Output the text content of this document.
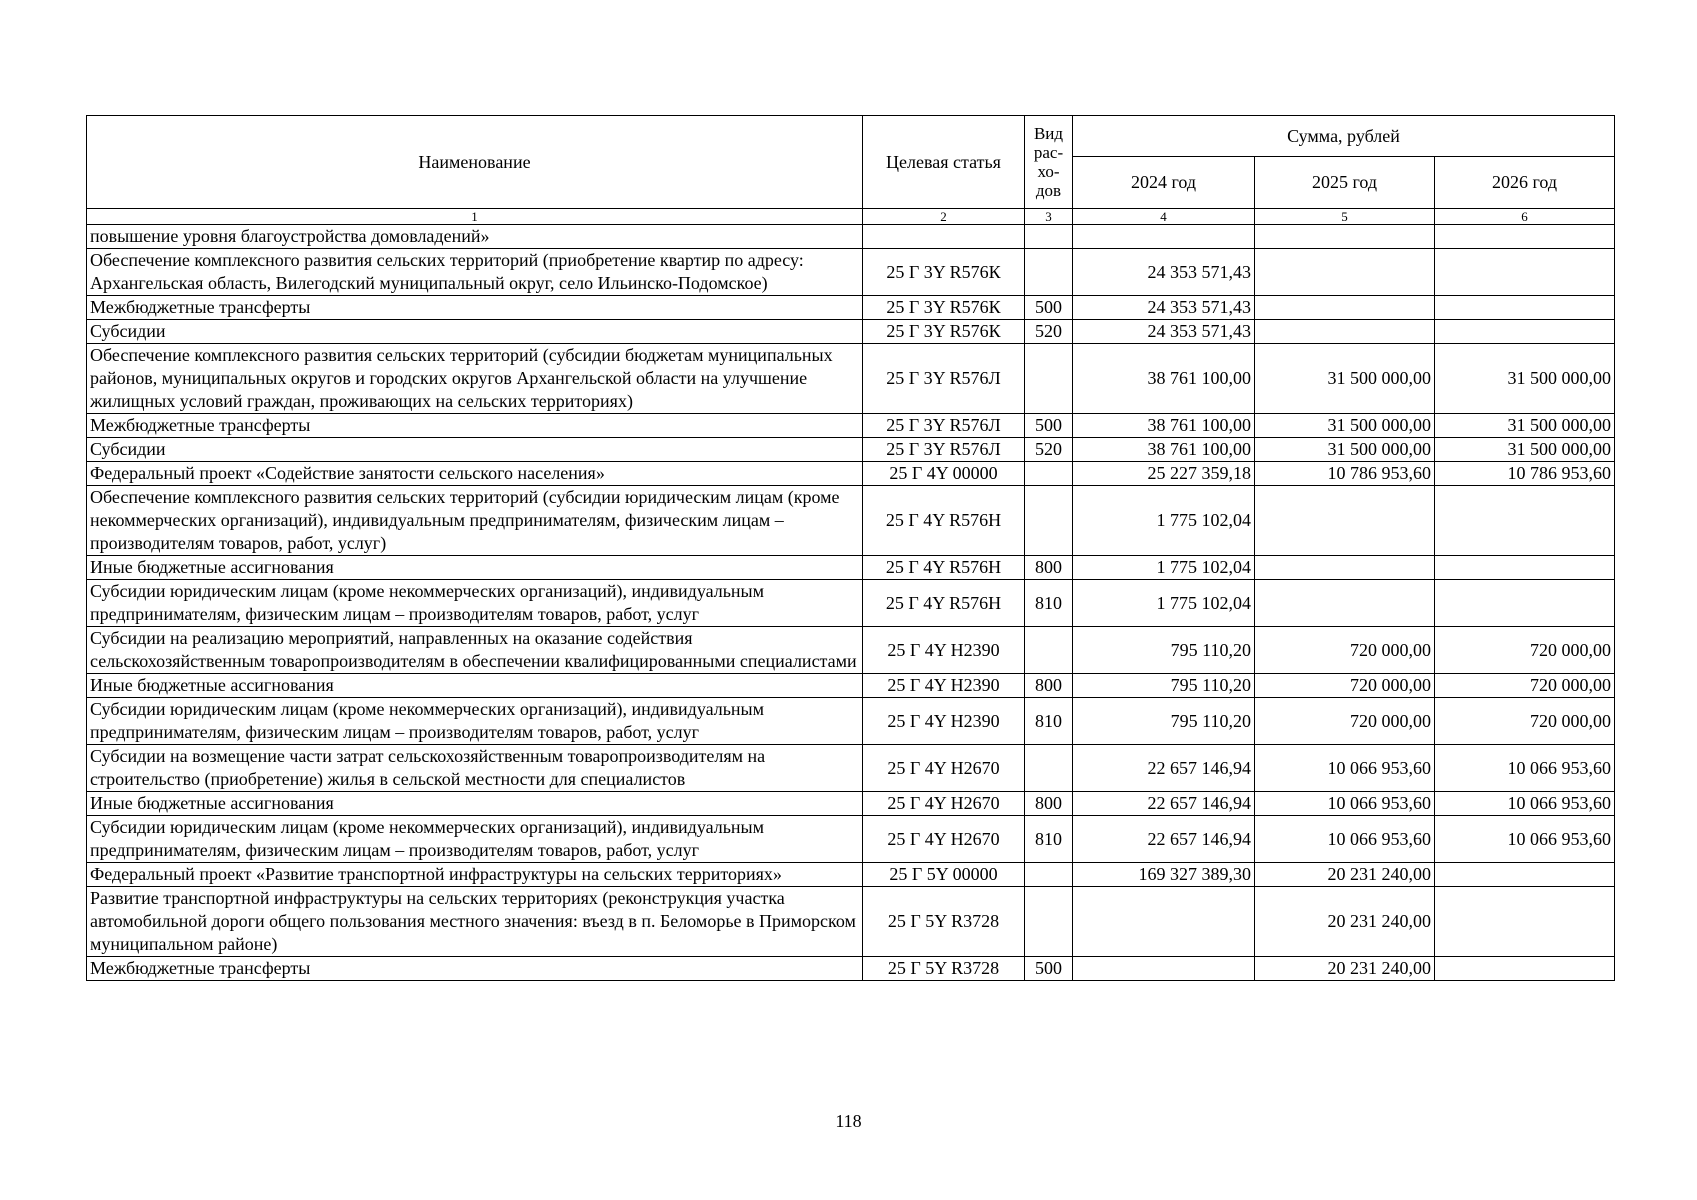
Наименование	Целевая статья	Вид рас-хо-дов	Сумма, рублей		
			2024 год	2025 год	2026 год
1	2	3	4	5	6
повышение уровня благоустройства домовладений»					
Обеспечение комплексного развития сельских территорий (приобретение квартир по адресу: Архангельская область, Вилегодский муниципальный округ, село Ильинско-Подомское)	25 Г 3Y R576К		24 353 571,43		
Межбюджетные трансферты	25 Г 3Y R576К	500	24 353 571,43		
Субсидии	25 Г 3Y R576К	520	24 353 571,43		
Обеспечение комплексного развития сельских территорий (субсидии бюджетам муниципальных районов, муниципальных округов и городских округов Архангельской области на улучшение жилищных условий граждан, проживающих на сельских территориях)	25 Г 3Y R576Л		38 761 100,00	31 500 000,00	31 500 000,00
Межбюджетные трансферты	25 Г 3Y R576Л	500	38 761 100,00	31 500 000,00	31 500 000,00
Субсидии	25 Г 3Y R576Л	520	38 761 100,00	31 500 000,00	31 500 000,00
Федеральный проект «Содействие занятости сельского населения»	25 Г 4Y 00000		25 227 359,18	10 786 953,60	10 786 953,60
Обеспечение комплексного развития сельских территорий (субсидии юридическим лицам (кроме некоммерческих организаций), индивидуальным предпринимателям, физическим лицам – производителям товаров, работ, услуг)	25 Г 4Y R576Н		1 775 102,04		
Иные бюджетные ассигнования	25 Г 4Y R576Н	800	1 775 102,04		
Субсидии юридическим лицам (кроме некоммерческих организаций), индивидуальным предпринимателям, физическим лицам – производителям товаров, работ, услуг	25 Г 4Y R576Н	810	1 775 102,04		
Субсидии на реализацию мероприятий, направленных на оказание содействия сельскохозяйственным товаропроизводителям в обеспечении квалифицированными специалистами	25 Г 4Y Н2390		795 110,20	720 000,00	720 000,00
Иные бюджетные ассигнования	25 Г 4Y Н2390	800	795 110,20	720 000,00	720 000,00
Субсидии юридическим лицам (кроме некоммерческих организаций), индивидуальным предпринимателям, физическим лицам – производителям товаров, работ, услуг	25 Г 4Y Н2390	810	795 110,20	720 000,00	720 000,00
Субсидии на возмещение части затрат сельскохозяйственным товаропроизводителям на строительство (приобретение) жилья в сельской местности для специалистов	25 Г 4Y Н2670		22 657 146,94	10 066 953,60	10 066 953,60
Иные бюджетные ассигнования	25 Г 4Y Н2670	800	22 657 146,94	10 066 953,60	10 066 953,60
Субсидии юридическим лицам (кроме некоммерческих организаций), индивидуальным предпринимателям, физическим лицам – производителям товаров, работ, услуг	25 Г 4Y Н2670	810	22 657 146,94	10 066 953,60	10 066 953,60
Федеральный проект «Развитие транспортной инфраструктуры на сельских территориях»	25 Г 5Y 00000		169 327 389,30	20 231 240,00	
Развитие транспортной инфраструктуры на сельских территориях (реконструкция участка автомобильной дороги общего пользования местного значения: въезд в п. Беломорье в Приморском муниципальном районе)	25 Г 5Y R3728			20 231 240,00	
Межбюджетные трансферты	25 Г 5Y R3728	500		20 231 240,00	
118
